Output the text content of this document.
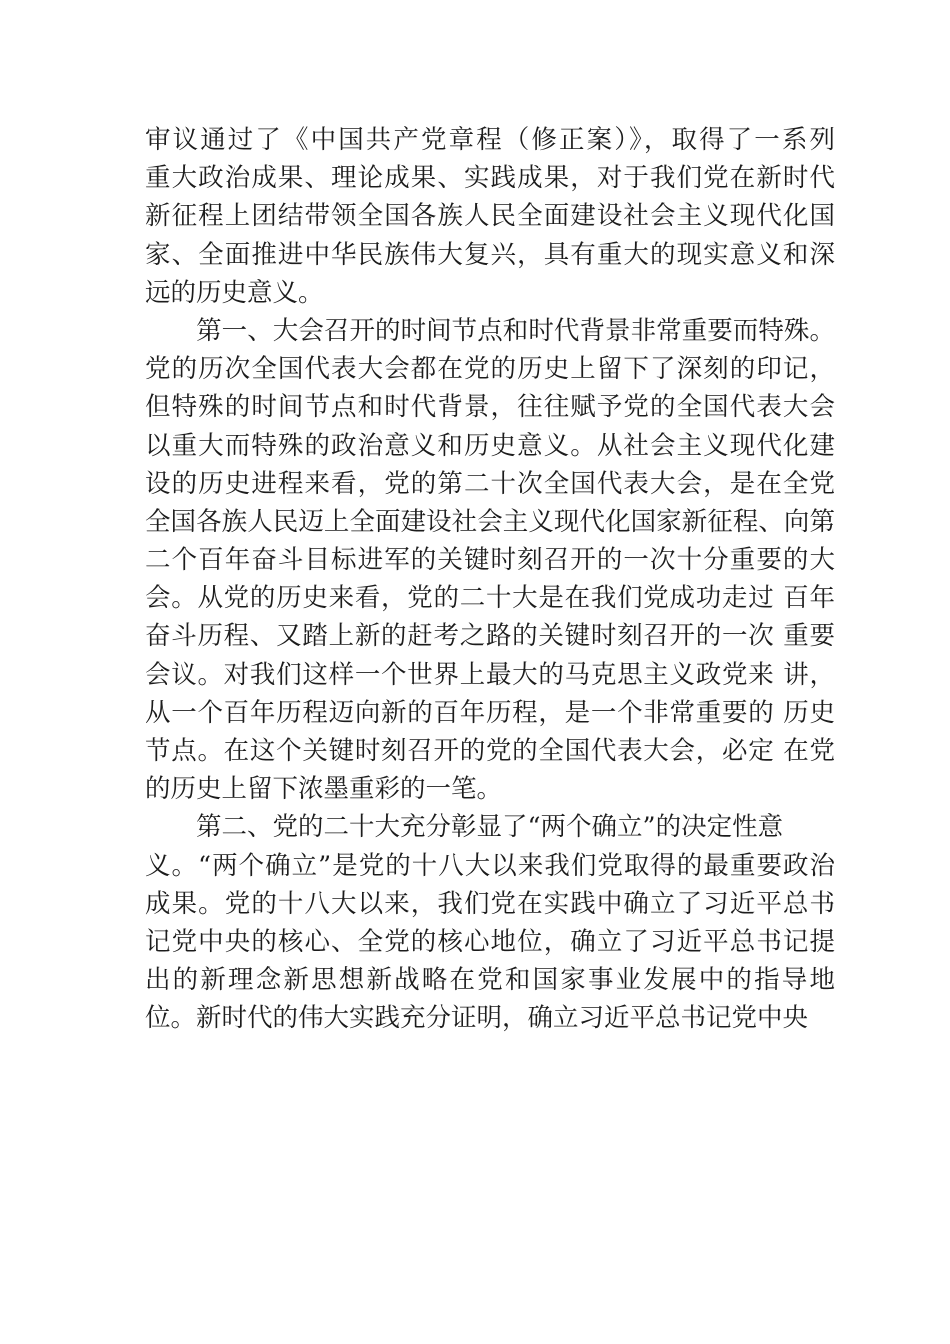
审议通过了《中国共产党章程（修正案）》，取得了一系列
重大政治成果、理论成果、实践成果，对于我们党在新时代
新征程上团结带领全国各族人民全面建设社会主义现代化国
家、全面推进中华民族伟大复兴，具有重大的现实意义和深
远的历史意义。
　　第一、大会召开的时间节点和时代背景非常重要而特殊。
党的历次全国代表大会都在党的历史上留下了深刻的印记，
但特殊的时间节点和时代背景，往往赋予党的全国代表大会
以重大而特殊的政治意义和历史意义。从社会主义现代化建
设的历史进程来看，党的第二十次全国代表大会，是在全党
全国各族人民迈上全面建设社会主义现代化国家新征程、向第
二个百年奋斗目标进军的关键时刻召开的一次十分重要的大
会。从党的历史来看，党的二十大是在我们党成功走过 百年
奋斗历程、又踏上新的赶考之路的关键时刻召开的一次 重要
会议。对我们这样一个世界上最大的马克思主义政党来 讲，
从一个百年历程迈向新的百年历程，是一个非常重要的 历史
节点。在这个关键时刻召开的党的全国代表大会，必定 在党
的历史上留下浓墨重彩的一笔。
　　第二、党的二十大充分彰显了“两个确立”的决定性意
义。“两个确立”是党的十八大以来我们党取得的最重要政治
成果。党的十八大以来，我们党在实践中确立了习近平总书
记党中央的核心、全党的核心地位，确立了习近平总书记提
出的新理念新思想新战略在党和国家事业发展中的指导地
位。新时代的伟大实践充分证明，确立习近平总书记党中央
